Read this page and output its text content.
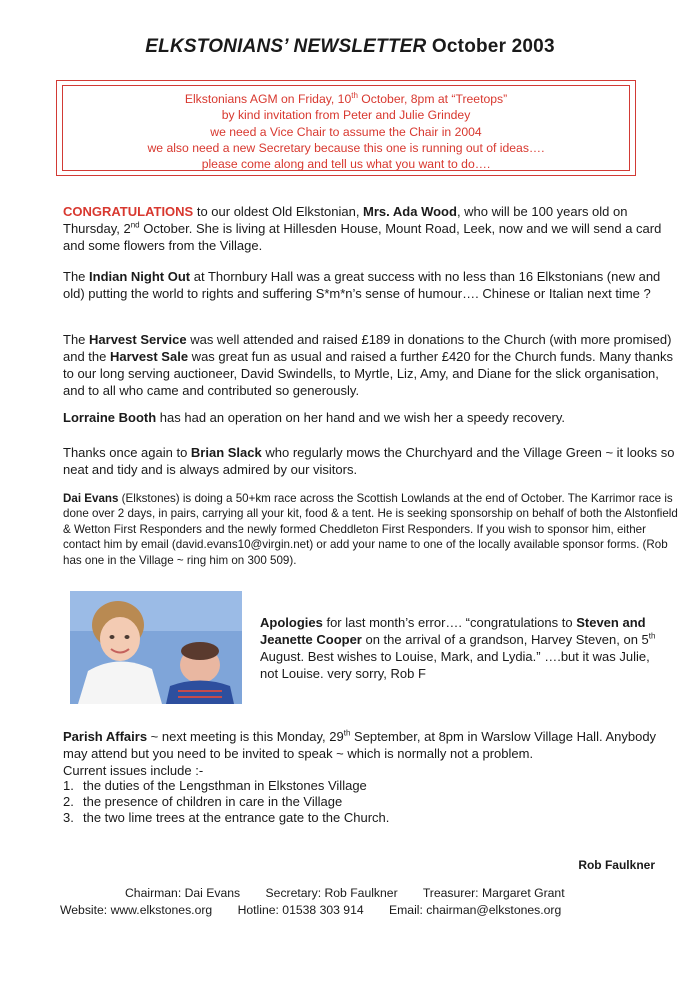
ELKSTONIANS’ NEWSLETTER October 2003
Elkstonians AGM on Friday, 10th October, 8pm at “Treetops”
by kind invitation from Peter and Julie Grindey
we need a Vice Chair to assume the Chair in 2004
we also need a new Secretary because this one is running out of ideas….
please come along and tell us what you want to do….

CONGRATULATIONS to our oldest Old Elkstonian, Mrs. Ada Wood, who will be 100 years old on Thursday, 2nd October. She is living at Hillesden House, Mount Road, Leek, now and we will send a card and some flowers from the Village.

The Indian Night Out at Thornbury Hall was a great success with no less than 16 Elkstonians (new and old) putting the world to rights and suffering S*m*n’s sense of humour…. Chinese or Italian next time ?

The Harvest Service was well attended and raised £189 in donations to the Church (with more promised) and the Harvest Sale was great fun as usual and raised a further £420 for the Church funds. Many thanks to our long serving auctioneer, David Swindells, to Myrtle, Liz, Amy, and Diane for the slick organisation, and to all who came and contributed so generously.

Lorraine Booth has had an operation on her hand and we wish her a speedy recovery.

Thanks once again to Brian Slack who regularly mows the Churchyard and the Village Green ~ it looks so neat and tidy and is always admired by our visitors.

Dai Evans (Elkstones) is doing a 50+km race across the Scottish Lowlands at the end of October. The Karrimor race is done over 2 days, in pairs, carrying all your kit, food & a tent. He is seeking sponsorship on behalf of both the Alstonfield & Wetton First Responders and the newly formed Cheddleton First Responders. If you wish to sponsor him, either contact him by email (david.evans10@virgin.net) or add your name to one of the locally available sponsor forms. (Rob has one in the Village ~ ring him on 300 509).

Apologies for last month’s error…. “congratulations to Steven and Jeanette Cooper on the arrival of a grandson, Harvey Steven, on 5th August. Best wishes to Louise, Mark, and Lydia.” ….but it was Julie, not Louise. very sorry, Rob F

Parish Affairs ~ next meeting is this Monday, 29th September, at 8pm in Warslow Village Hall. Anybody may attend but you need to be invited to speak ~ which is normally not a problem.
Current issues include :-

1. the duties of the Lengsthman in Elkstones Village
2. the presence of children in care in the Village
3. the two lime trees at the entrance gate to the Church.
Rob Faulkner
Chairman: Dai Evans Secretary: Rob Faulkner Treasurer: Margaret Grant
Website: www.elkstones.org Hotline: 01538 303 914 Email: chairman@elkstones.org
